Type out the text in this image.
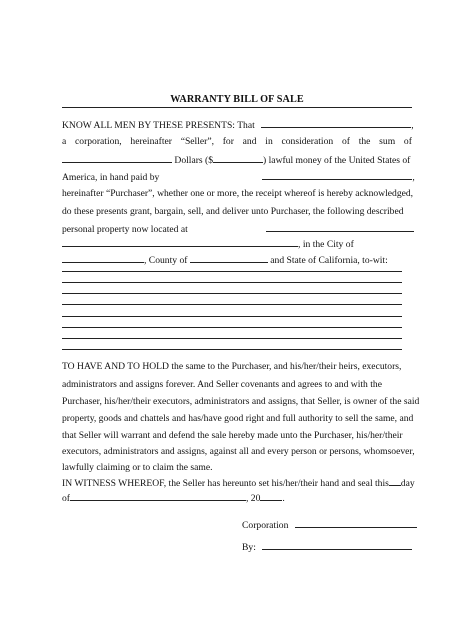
WARRANTY BILL OF SALE
KNOW ALL MEN BY THESE PRESENTS: That	,
a corporation, hereinafter “Seller”, for and in consideration of the sum of
Dollars ($	) lawful money of the United States of
America, in hand paid by	,
hereinafter “Purchaser”, whether one or more, the receipt whereof is hereby acknowledged,
do these presents grant, bargain, sell, and deliver unto Purchaser, the following described
personal property now located at
, in the City of
, County of	and State of California, to-wit:
TO HAVE AND TO HOLD the same to the Purchaser, and his/her/their heirs, executors,
administrators and assigns forever. And Seller covenants and agrees to and with the
Purchaser, his/her/their executors, administrators and assigns, that Seller, is owner of the said
property, goods and chattels and has/have good right and full authority to sell the same, and
that Seller will warrant and defend the sale hereby made unto the Purchaser, his/her/their
executors, administrators and assigns, against all and every person or persons, whomsoever,
lawfully claiming or to claim the same.
IN WITNESS WHEREOF, the Seller has hereunto set his/her/their hand and seal this day
of	, 20 .
Corporation
By:
